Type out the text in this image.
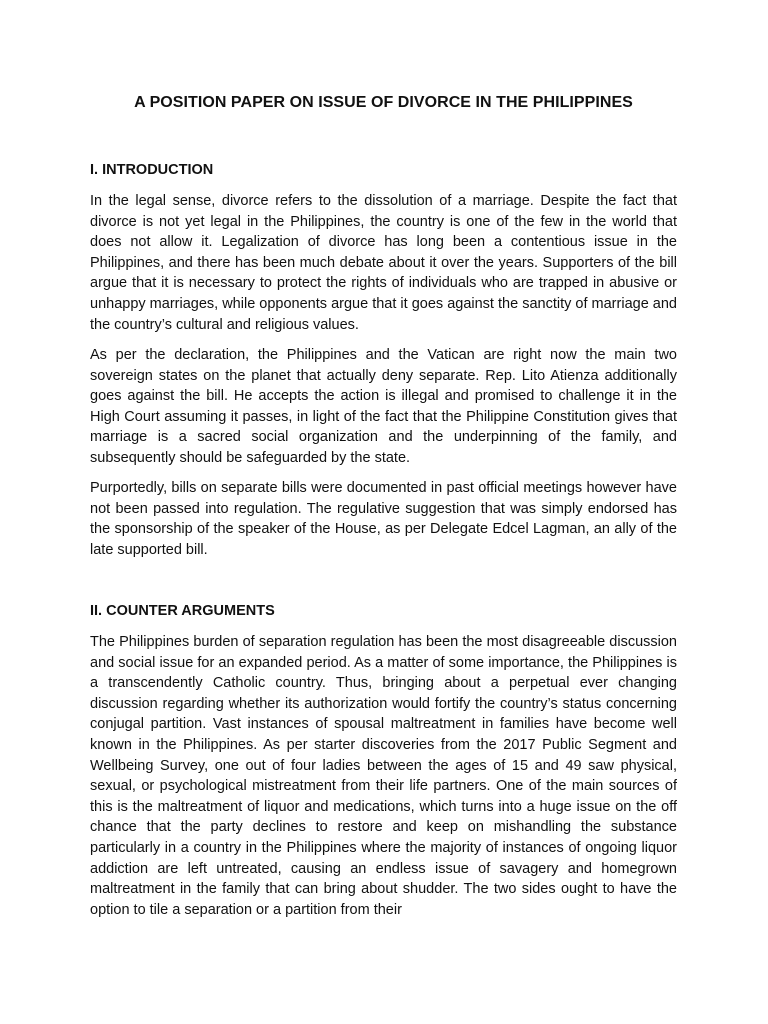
A POSITION PAPER ON ISSUE OF DIVORCE IN THE PHILIPPINES
I. INTRODUCTION

In the legal sense, divorce refers to the dissolution of a marriage. Despite the fact that divorce is not yet legal in the Philippines, the country is one of the few in the world that does not allow it. Legalization of divorce has long been a contentious issue in the Philippines, and there has been much debate about it over the years. Supporters of the bill argue that it is necessary to protect the rights of individuals who are trapped in abusive or unhappy marriages, while opponents argue that it goes against the sanctity of marriage and the country’s cultural and religious values.

As per the declaration, the Philippines and the Vatican are right now the main two sovereign states on the planet that actually deny separate. Rep. Lito Atienza additionally goes against the bill. He accepts the action is illegal and promised to challenge it in the High Court assuming it passes, in light of the fact that the Philippine Constitution gives that marriage is a sacred social organization and the underpinning of the family, and subsequently should be safeguarded by the state.

Purportedly, bills on separate bills were documented in past official meetings however have not been passed into regulation. The regulative suggestion that was simply endorsed has the sponsorship of the speaker of the House, as per Delegate Edcel Lagman, an ally of the late supported bill.

II. COUNTER ARGUMENTS

The Philippines burden of separation regulation has been the most disagreeable discussion and social issue for an expanded period. As a matter of some importance, the Philippines is a transcendently Catholic country. Thus, bringing about a perpetual ever changing discussion regarding whether its authorization would fortify the country’s status concerning conjugal partition. Vast instances of spousal maltreatment in families have become well known in the Philippines. As per starter discoveries from the 2017 Public Segment and Wellbeing Survey, one out of four ladies between the ages of 15 and 49 saw physical, sexual, or psychological mistreatment from their life partners. One of the main sources of this is the maltreatment of liquor and medications, which turns into a huge issue on the off chance that the party declines to restore and keep on mishandling the substance particularly in a country in the Philippines where the majority of instances of ongoing liquor addiction are left untreated, causing an endless issue of savagery and homegrown maltreatment in the family that can bring about shudder. The two sides ought to have the option to tile a separation or a partition from their
